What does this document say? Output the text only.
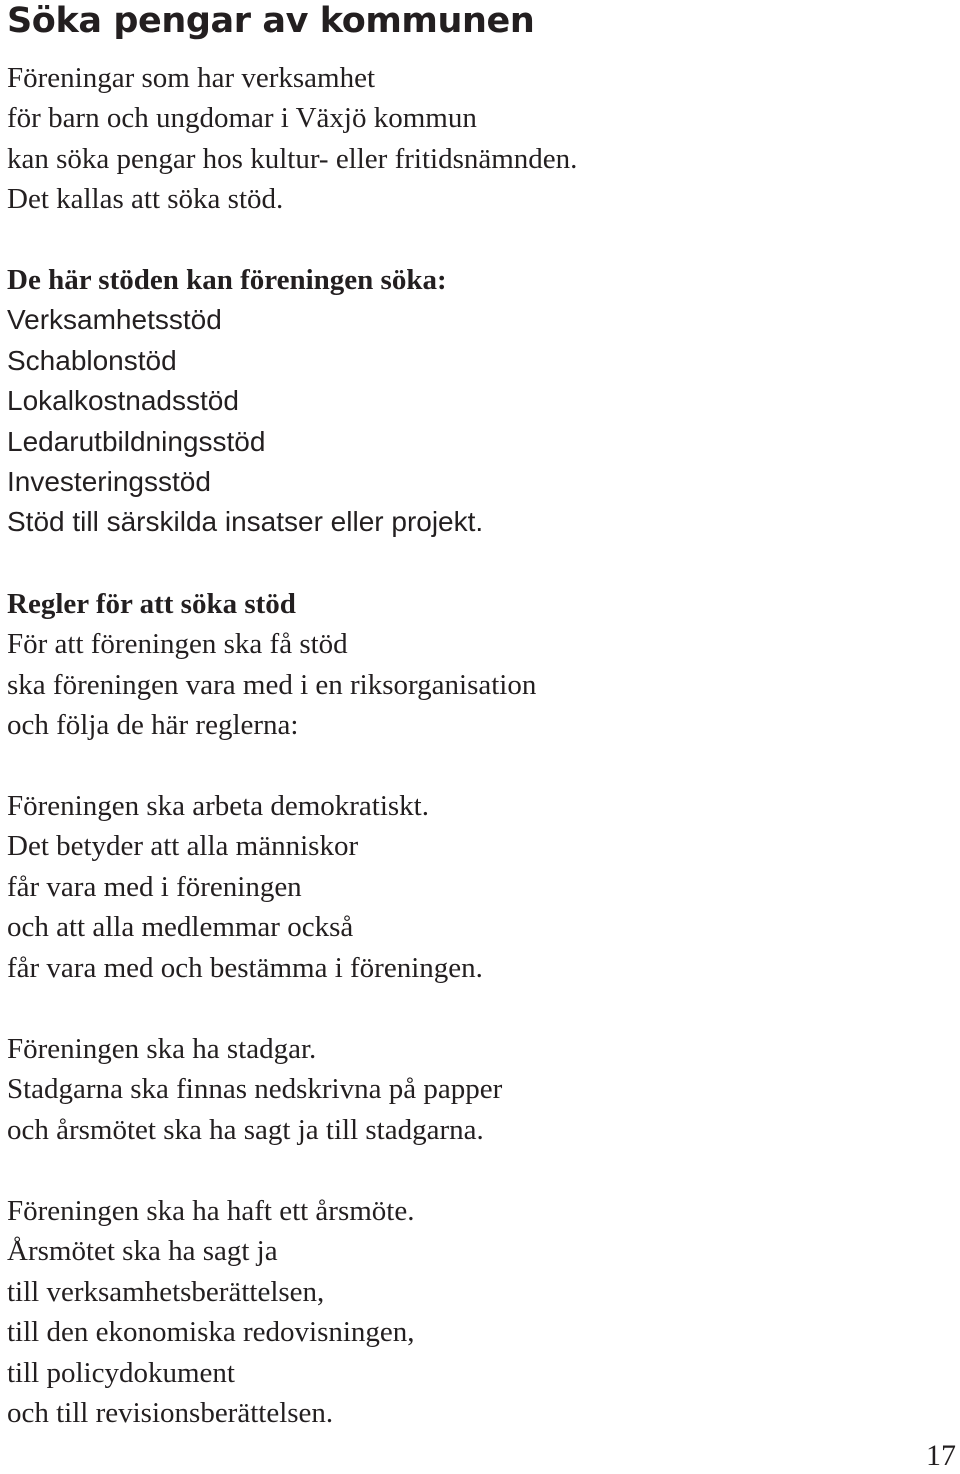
Söka pengar av kommunen
Föreningar som har verksamhet
för barn och ungdomar i Växjö kommun
kan söka pengar hos kultur- eller fritidsnämnden.
Det kallas att söka stöd.
De här stöden kan föreningen söka:
Verksamhetsstöd
Schablonstöd
Lokalkostnadsstöd
Ledarutbildningsstöd
Investeringsstöd
Stöd till särskilda insatser eller projekt.
Regler för att söka stöd
För att föreningen ska få stöd
ska föreningen vara med i en riksorganisation
och följa de här reglerna:
Föreningen ska arbeta demokratiskt.
Det betyder att alla människor
får vara med i föreningen
och att alla medlemmar också
får vara med och bestämma i föreningen.
Föreningen ska ha stadgar.
Stadgarna ska finnas nedskrivna på papper
och årsmötet ska ha sagt ja till stadgarna.
Föreningen ska ha haft ett årsmöte.
Årsmötet ska ha sagt ja
till verksamhetsberättelsen,
till den ekonomiska redovisningen,
till policydokument
och till revisionsberättelsen.
17
